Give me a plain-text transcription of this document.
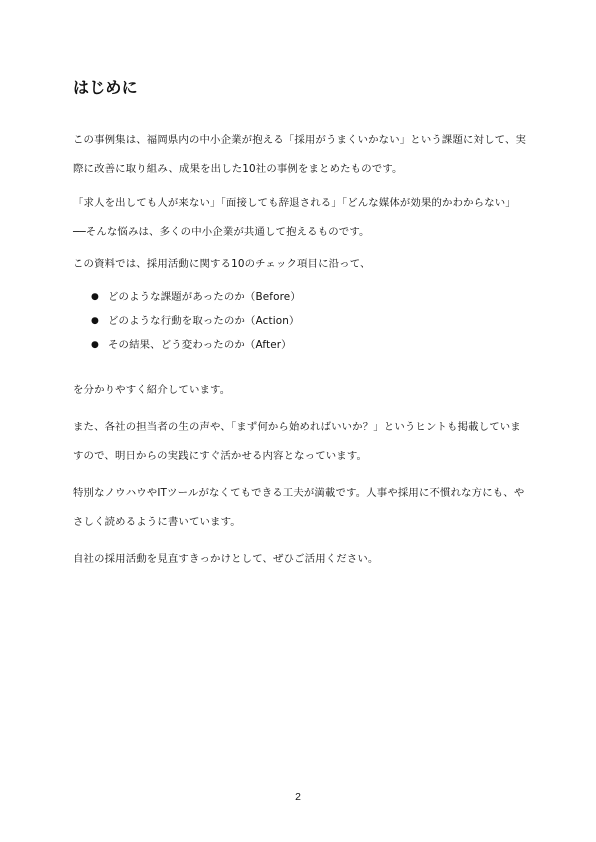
はじめに

この事例集は、福岡県内の中小企業が抱える「採用がうまくいかない」という課題に対して、実際に改善に取り組み、成果を出した10社の事例をまとめたものです。

「求人を出しても人が来ない」「面接しても辞退される」「どんな媒体が効果的かわからない」──そんな悩みは、多くの中小企業が共通して抱えるものです。

この資料では、採用活動に関する10のチェック項目に沿って、

● どのような課題があったのか（Before）
● どのような行動を取ったのか（Action）
● その結果、どう変わったのか（After）

を分かりやすく紹介しています。

また、各社の担当者の生の声や、「まず何から始めればいいか？」というヒントも掲載していますので、明日からの実践にすぐ活かせる内容となっています。

特別なノウハウやITツールがなくてもできる工夫が満載です。人事や採用に不慣れな方にも、やさしく読めるように書いています。

自社の採用活動を見直すきっかけとして、ぜひご活用ください。

2
